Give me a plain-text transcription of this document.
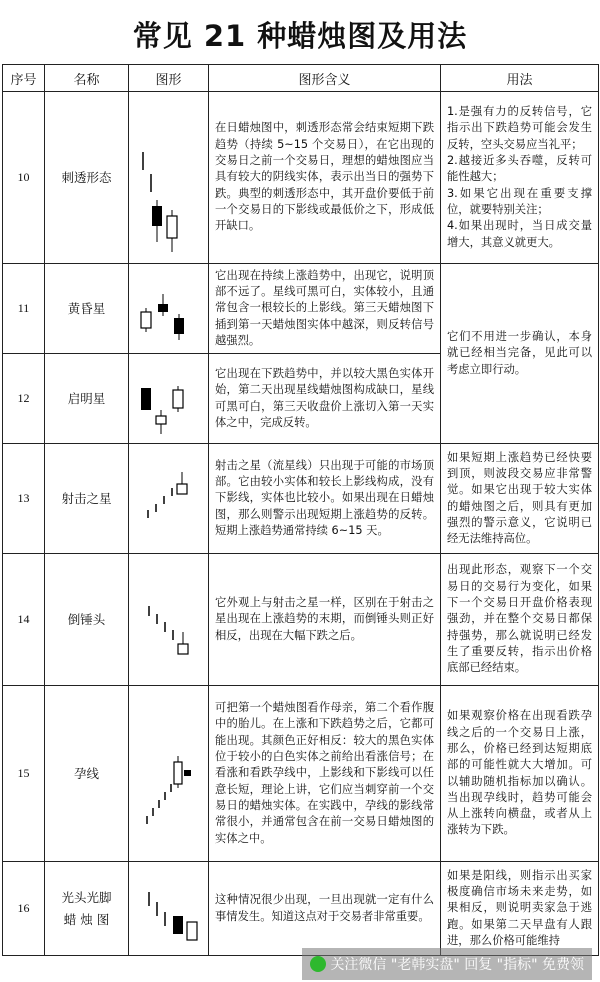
常见 21 种蜡烛图及用法
序号	名称	图形	图形含义	用法
10	刺透形态		在日蜡烛图中，刺透形态常会结束短期下跌趋势（持续 5~15 个交易日），在它出现的交易日之前一个交易日，理想的蜡烛图应当具有较大的阴线实体，表示出当日的强势下跌。典型的刺透形态中，其开盘价要低于前一个交易日的下影线或最低价之下，形成低开缺口。	1.是强有力的反转信号，它指示出下跌趋势可能会发生反转，空头交易应当礼平；
2.越接近多头吞噬，反转可能性越大；
3.如果它出现在重要支撑位，就要特别关注；
4.如果出现时，当日成交量增大，其意义就更大。
11	黄昏星		它出现在持续上涨趋势中，出现它，说明顶部不远了。星线可黑可白，实体较小，且通常包含一根较长的上影线。第三天蜡烛图下插到第一天蜡烛图实体中越深，则反转信号越强烈。	它们不用进一步确认，本身就已经相当完备，见此可以考虑立即行动。
12	启明星		它出现在下跌趋势中，并以较大黑色实体开始，第二天出现星线蜡烛图构成缺口，星线可黑可白，第三天收盘价上涨切入第一天实体之中，完成反转。	
13	射击之星		射击之星（流星线）只出现于可能的市场顶部。它由较小实体和较长上影线构成，没有下影线，实体也比较小。如果出现在日蜡烛图，那么则警示出现短期上涨趋势的反转。短期上涨趋势通常持续 6~15 天。	如果短期上涨趋势已经快要到顶，则波段交易应非常警觉。如果它出现于较大实体的蜡烛图之后，则具有更加强烈的警示意义，它说明已经无法维持高位。
14	倒锤头		它外观上与射击之星一样，区别在于射击之星出现在上涨趋势的末期，而倒锤头则正好相反，出现在大幅下跌之后。	出现此形态，观察下一个交易日的交易行为变化，如果下一个交易日开盘价格表现强劲，并在整个交易日都保持强势，那么就说明已经发生了重要反转，指示出价格底部已经结束。
15	孕线		可把第一个蜡烛图看作母亲，第二个看作腹中的胎儿。在上涨和下跌趋势之后，它都可能出现。其颜色正好相反：较大的黑色实体位于较小的白色实体之前给出看涨信号；在看涨和看跌孕线中，上影线和下影线可以任意长短，理论上讲，它们应当刺穿前一个交易日的蜡烛实体。在实践中，孕线的影线常常很小，并通常包含在前一交易日蜡烛图的实体之中。	如果观察价格在出现看跌孕线之后的一个交易日上涨，那么，价格已经到达短期底部的可能性就大大增加。可以辅助随机指标加以确认。当出现孕线时，趋势可能会从上涨转向横盘，或者从上涨转为下跌。
16	光头光脚蜡 烛 图		这种情况很少出现，一旦出现就一定有什么事情发生。知道这点对于交易者非常重要。	如果是阳线，则指示出买家极度确信市场未来走势，如果相反，则说明卖家急于逃跑。如果第二天早盘有人跟进，那么价格可能维持
关注微信 "老韩实盘" 回复 "指标" 免费领
